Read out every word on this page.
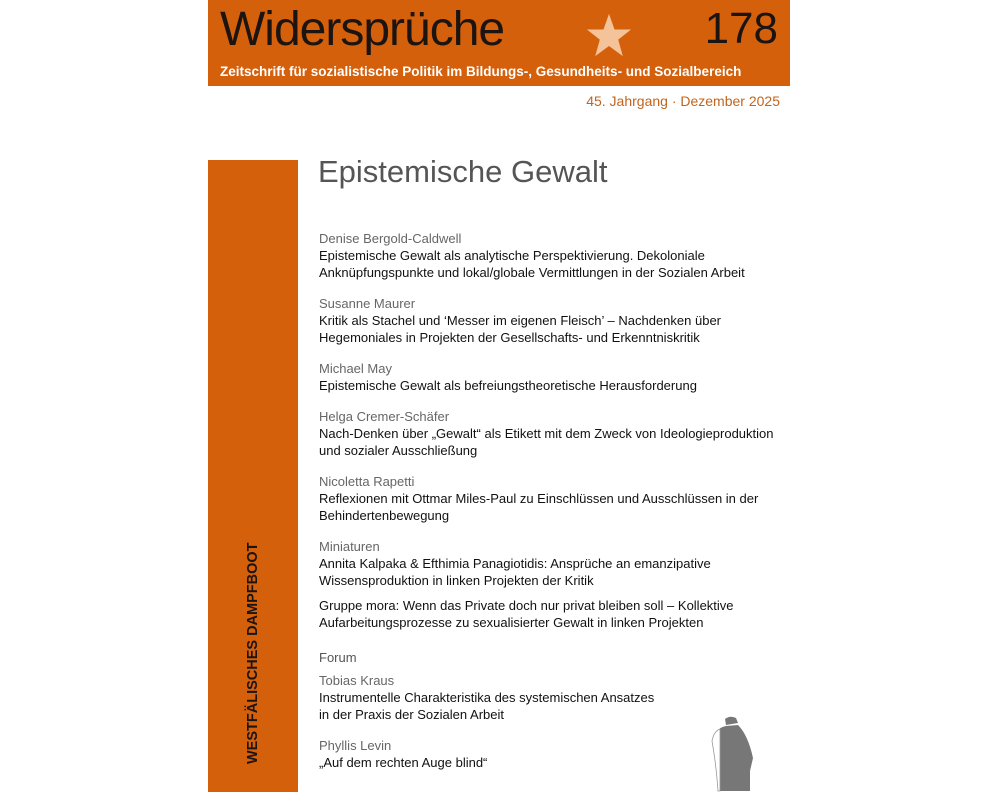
Widersprüche	178
Zeitschrift für sozialistische Politik im Bildungs-, Gesundheits- und Sozialbereich
45. Jahrgang · Dezember 2025
WESTFÄLISCHES DAMPFBOOT
Epistemische Gewalt
Denise Bergold-Caldwell
Epistemische Gewalt als analytische Perspektivierung. Dekoloniale Anknüpfungspunkte und lokal/globale Vermittlungen in der Sozialen Arbeit
Susanne Maurer
Kritik als Stachel und ‘Messer im eigenen Fleisch’ – Nachdenken über Hegemoniales in Projekten der Gesellschafts- und Erkenntniskritik
Michael May
Epistemische Gewalt als befreiungstheoretische Herausforderung
Helga Cremer-Schäfer
Nach-Denken über „Gewalt“ als Etikett mit dem Zweck von Ideologieproduktion und sozialer Ausschließung
Nicoletta Rapetti
Reflexionen mit Ottmar Miles-Paul zu Einschlüssen und Ausschlüssen in der Behindertenbewegung
Miniaturen
Annita Kalpaka & Efthimia Panagiotidis: Ansprüche an emanzipative Wissensproduktion in linken Projekten der Kritik
Gruppe mora: Wenn das Private doch nur privat bleiben soll – Kollektive Aufarbeitungsprozesse zu sexualisierter Gewalt in linken Projekten
Forum
Tobias Kraus
Instrumentelle Charakteristika des systemischen Ansatzes in der Praxis der Sozialen Arbeit
Phyllis Levin
„Auf dem rechten Auge blind“
